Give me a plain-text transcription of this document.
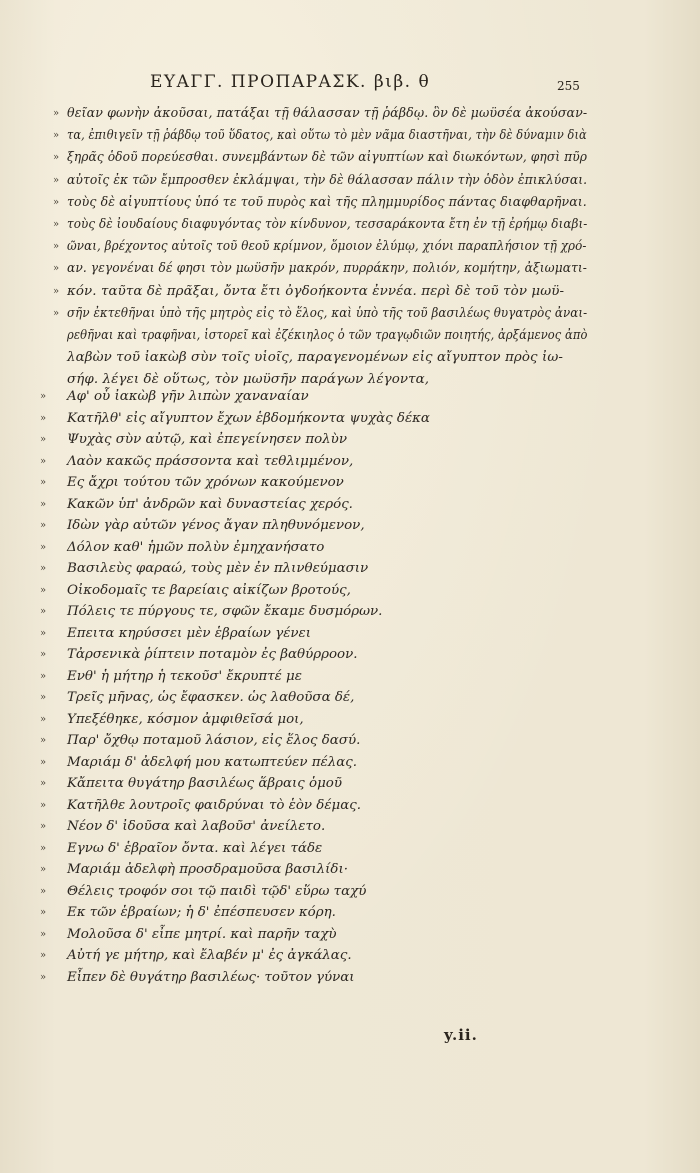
ΕΥΑΓΓ. ΠΡΟΠΑΡΑΣΚ. βιβ. θ	255
» θεῖαν φωνὴν ἀκοῦσαι, πατάξαι τῇ θάλασσαν τῇ ῥάβδῳ. ὃν δὲ μωϋσέα ἀκούσαν-
» τα, ἐπιθιγεῖν τῇ ῥάβδῳ τοῦ ὕδατος, καὶ οὕτω τὸ μὲν νᾶμα διαστῆναι, τὴν δὲ δύναμιν διὰ
» ξηρᾶς ὁδοῦ πορεύεσθαι. συνεμβάντων δὲ τῶν αἰγυπτίων καὶ διωκόντων, φησὶ πῦρ
» αὐτοῖς ἐκ τῶν ἔμπροσθεν ἐκλάμψαι, τὴν δὲ θάλασσαν πάλιν τὴν ὁδὸν ἐπικλύσαι.
» τοὺς δὲ αἰγυπτίους ὑπό τε τοῦ πυρὸς καὶ τῆς πλημμυρίδος πάντας διαφθαρῆναι.
» τοὺς δὲ ἰουδαίους διαφυγόντας τὸν κίνδυνον, τεσσαράκοντα ἔτη ἐν τῇ ἐρήμῳ διαβι-
» ῶναι, βρέχοντος αὐτοῖς τοῦ θεοῦ κρίμνον, ὅμοιον ἐλύμῳ, χιόνι παραπλήσιον τῇ χρό-
» αν. γεγονέναι δέ φησι τὸν μωϋσῆν μακρόν, πυρράκην, πολιόν, κομήτην, ἀξιωματι-
» κόν. ταῦτα δὲ πρᾶξαι, ὄντα ἔτι ὀγδοήκοντα ἐννέα. περὶ δὲ τοῦ τὸν μωϋ-
» σῆν ἐκτεθῆναι ὑπὸ τῆς μητρὸς εἰς τὸ ἕλος, καὶ ὑπὸ τῆς τοῦ βασιλέως θυγατρὸς ἀναι-
ρεθῆναι καὶ τραφῆναι, ἱστορεῖ καὶ ἐζέκιηλος ὁ τῶν τραγῳδιῶν ποιητής, ἀρξάμενος ἀπὸ
λαβὼν τοῦ ἰακὼβ σὺν τοῖς υἱοῖς, παραγενομένων εἰς αἴγυπτον πρὸς ἰω-
σήφ. λέγει δὲ οὕτως, τὸν μωϋσῆν παράγων λέγοντα,
» Αφ' οὗ ἰακὼβ γῆν λιπὼν χαναναίαν
» Κατῆλθ' εἰς αἴγυπτον ἔχων ἑβδομήκοντα ψυχὰς δέκα
» Ψυχὰς σὺν αὐτῷ, καὶ ἐπεγείνησεν πολὺν
» Λαὸν κακῶς πράσσοντα καὶ τεθλιμμένον,
» Ες ἄχρι τούτου τῶν χρόνων κακούμενον
» Κακῶν ὑπ' ἀνδρῶν καὶ δυναστείας χερός.
» Ιδὼν γὰρ αὐτῶν γένος ἄγαν πληθυνόμενον,
» Δόλον καθ' ἡμῶν πολὺν ἐμηχανήσατο
» Βασιλεὺς φαραώ, τοὺς μὲν ἐν πλινθεύμασιν
» Οἰκοδομαῖς τε βαρείαις αἰκίζων βροτούς,
» Πόλεις τε πύργους τε, σφῶν ἔκαμε δυσμόρων.
» Επειτα κηρύσσει μὲν ἑβραίων γένει
» Τἀρσενικὰ ῥίπτειν ποταμὸν ἐς βαθύρροον.
» Ενθ' ἡ μήτηρ ἡ τεκοῦσ' ἔκρυπτέ με
» Τρεῖς μῆνας, ὡς ἔφασκεν. ὡς λαθοῦσα δέ,
» Υπεξέθηκε, κόσμον ἀμφιθεῖσά μοι,
» Παρ' ὄχθῳ ποταμοῦ λάσιον, εἰς ἕλος δασύ.
» Μαριάμ δ' ἀδελφή μου κατωπτεύεν πέλας.
» Κἄπειτα θυγάτηρ βασιλέως ἅβραις ὁμοῦ
» Κατῆλθε λουτροῖς φαιδρύναι τὸ ἑὸν δέμας.
» Νέον δ' ἰδοῦσα καὶ λαβοῦσ' ἀνείλετο.
» Εγνω δ' ἑβραῖον ὄντα. καὶ λέγει τάδε
» Μαριάμ ἀδελφὴ προσδραμοῦσα βασιλίδι·
» Θέλεις τροφόν σοι τῷ παιδὶ τῷδ' εὕρω ταχύ
» Εκ τῶν ἑβραίων; ἡ δ' ἐπέσπευσεν κόρη.
» Μολοῦσα δ' εἶπε μητρί. καὶ παρῆν ταχὺ
» Αὐτή γε μήτηρ, καὶ ἔλαβέν μ' ἐς ἀγκάλας.
» Εἶπεν δὲ θυγάτηρ βασιλέως· τοῦτον γύναι
y.ii.
